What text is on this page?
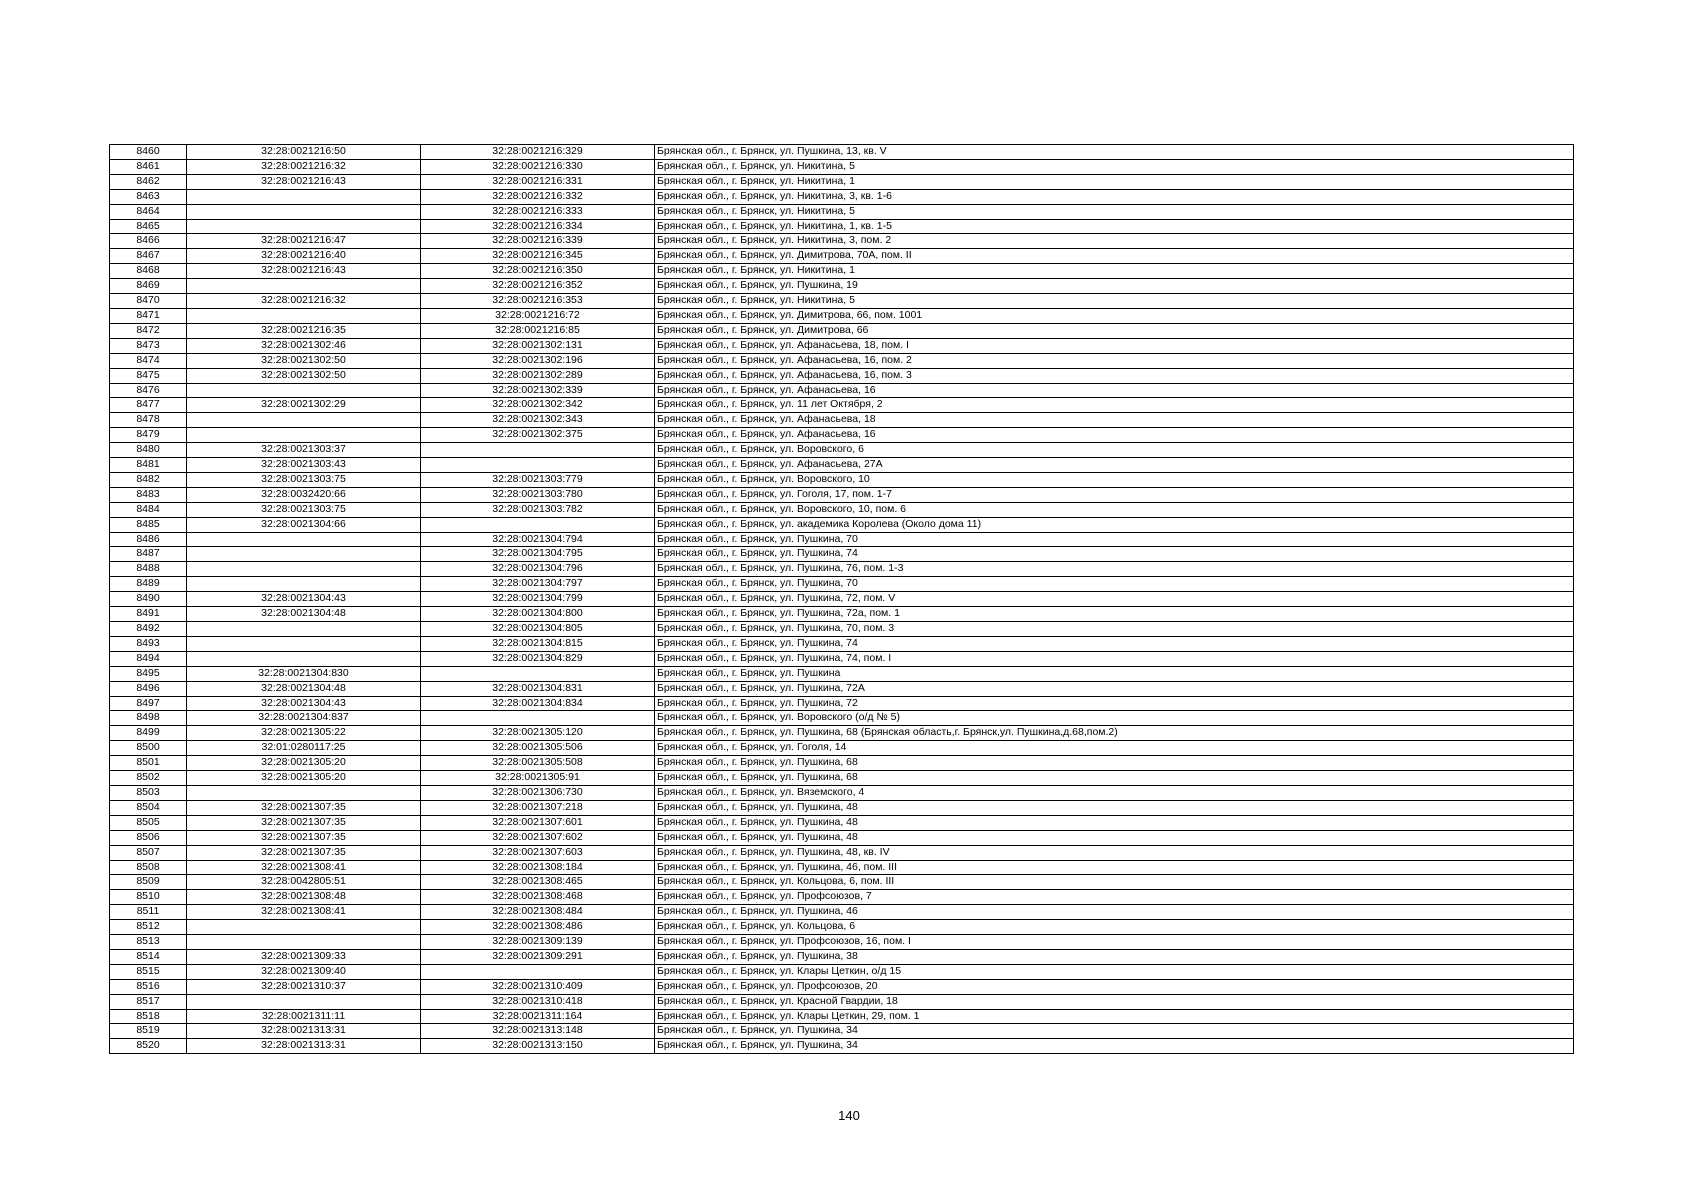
8460	32:28:0021216:50	32:28:0021216:329	Брянская обл., г. Брянск, ул. Пушкина, 13, кв. V
8461	32:28:0021216:32	32:28:0021216:330	Брянская обл., г. Брянск, ул. Никитина, 5
8462	32:28:0021216:43	32:28:0021216:331	Брянская обл., г. Брянск, ул. Никитина, 1
8463		32:28:0021216:332	Брянская обл., г. Брянск, ул. Никитина, 3, кв. 1-6
8464		32:28:0021216:333	Брянская обл., г. Брянск, ул. Никитина, 5
8465		32:28:0021216:334	Брянская обл., г. Брянск, ул. Никитина, 1, кв. 1-5
8466	32:28:0021216:47	32:28:0021216:339	Брянская обл., г. Брянск, ул. Никитина, 3, пом. 2
8467	32:28:0021216:40	32:28:0021216:345	Брянская обл., г. Брянск, ул. Димитрова, 70А, пом. II
8468	32:28:0021216:43	32:28:0021216:350	Брянская обл., г. Брянск, ул. Никитина, 1
8469		32:28:0021216:352	Брянская обл., г. Брянск, ул. Пушкина, 19
8470	32:28:0021216:32	32:28:0021216:353	Брянская обл., г. Брянск, ул. Никитина, 5
8471		32:28:0021216:72	Брянская обл., г. Брянск, ул. Димитрова, 66, пом. 1001
8472	32:28:0021216:35	32:28:0021216:85	Брянская обл., г. Брянск, ул. Димитрова, 66
8473	32:28:0021302:46	32:28:0021302:131	Брянская обл., г. Брянск, ул. Афанасьева, 18, пом. I
8474	32:28:0021302:50	32:28:0021302:196	Брянская обл., г. Брянск, ул. Афанасьева, 16, пом. 2
8475	32:28:0021302:50	32:28:0021302:289	Брянская обл., г. Брянск, ул. Афанасьева, 16, пом. 3
8476		32:28:0021302:339	Брянская обл., г. Брянск, ул. Афанасьева, 16
8477	32:28:0021302:29	32:28:0021302:342	Брянская обл., г. Брянск, ул. 11 лет Октября, 2
8478		32:28:0021302:343	Брянская обл., г. Брянск, ул. Афанасьева, 18
8479		32:28:0021302:375	Брянская обл., г. Брянск, ул. Афанасьева, 16
8480	32:28:0021303:37		Брянская обл., г. Брянск, ул. Воровского, 6
8481	32:28:0021303:43		Брянская обл., г. Брянск, ул. Афанасьева, 27А
8482	32:28:0021303:75	32:28:0021303:779	Брянская обл., г. Брянск, ул. Воровского, 10
8483	32:28:0032420:66	32:28:0021303:780	Брянская обл., г. Брянск, ул. Гоголя, 17, пом. 1-7
8484	32:28:0021303:75	32:28:0021303:782	Брянская обл., г. Брянск, ул. Воровского, 10, пом. 6
8485	32:28:0021304:66		Брянская обл., г. Брянск, ул. академика Королева (Около дома 11)
8486		32:28:0021304:794	Брянская обл., г. Брянск, ул. Пушкина, 70
8487		32:28:0021304:795	Брянская обл., г. Брянск, ул. Пушкина, 74
8488		32:28:0021304:796	Брянская обл., г. Брянск, ул. Пушкина, 76, пом. 1-3
8489		32:28:0021304:797	Брянская обл., г. Брянск, ул. Пушкина, 70
8490	32:28:0021304:43	32:28:0021304:799	Брянская обл., г. Брянск, ул. Пушкина, 72, пом. V
8491	32:28:0021304:48	32:28:0021304:800	Брянская обл., г. Брянск, ул. Пушкина, 72а, пом. 1
8492		32:28:0021304:805	Брянская обл., г. Брянск, ул. Пушкина, 70, пом. 3
8493		32:28:0021304:815	Брянская обл., г. Брянск, ул. Пушкина, 74
8494		32:28:0021304:829	Брянская обл., г. Брянск, ул. Пушкина, 74, пом. I
8495	32:28:0021304:830		Брянская обл., г. Брянск, ул. Пушкина
8496	32:28:0021304:48	32:28:0021304:831	Брянская обл., г. Брянск, ул. Пушкина, 72А
8497	32:28:0021304:43	32:28:0021304:834	Брянская обл., г. Брянск, ул. Пушкина, 72
8498	32:28:0021304:837		Брянская обл., г. Брянск, ул. Воровского (о/д № 5)
8499	32:28:0021305:22	32:28:0021305:120	Брянская обл., г. Брянск, ул. Пушкина, 68 (Брянская область,г. Брянск,ул. Пушкина,д.68,пом.2)
8500	32:01:0280117:25	32:28:0021305:506	Брянская обл., г. Брянск, ул. Гоголя, 14
8501	32:28:0021305:20	32:28:0021305:508	Брянская обл., г. Брянск, ул. Пушкина, 68
8502	32:28:0021305:20	32:28:0021305:91	Брянская обл., г. Брянск, ул. Пушкина, 68
8503		32:28:0021306:730	Брянская обл., г. Брянск, ул. Вяземского, 4
8504	32:28:0021307:35	32:28:0021307:218	Брянская обл., г. Брянск, ул. Пушкина, 48
8505	32:28:0021307:35	32:28:0021307:601	Брянская обл., г. Брянск, ул. Пушкина, 48
8506	32:28:0021307:35	32:28:0021307:602	Брянская обл., г. Брянск, ул. Пушкина, 48
8507	32:28:0021307:35	32:28:0021307:603	Брянская обл., г. Брянск, ул. Пушкина, 48, кв. IV
8508	32:28:0021308:41	32:28:0021308:184	Брянская обл., г. Брянск, ул. Пушкина, 46, пом. III
8509	32:28:0042805:51	32:28:0021308:465	Брянская обл., г. Брянск, ул. Кольцова, 6, пом. III
8510	32:28:0021308:48	32:28:0021308:468	Брянская обл., г. Брянск, ул. Профсоюзов, 7
8511	32:28:0021308:41	32:28:0021308:484	Брянская обл., г. Брянск, ул. Пушкина, 46
8512		32:28:0021308:486	Брянская обл., г. Брянск, ул. Кольцова, 6
8513		32:28:0021309:139	Брянская обл., г. Брянск, ул. Профсоюзов, 16, пом. I
8514	32:28:0021309:33	32:28:0021309:291	Брянская обл., г. Брянск, ул. Пушкина, 38
8515	32:28:0021309:40		Брянская обл., г. Брянск, ул. Клары Цеткин, о/д 15
8516	32:28:0021310:37	32:28:0021310:409	Брянская обл., г. Брянск, ул. Профсоюзов, 20
8517		32:28:0021310:418	Брянская обл., г. Брянск, ул. Красной Гвардии, 18
8518	32:28:0021311:11	32:28:0021311:164	Брянская обл., г. Брянск, ул. Клары Цеткин, 29, пом. 1
8519	32:28:0021313:31	32:28:0021313:148	Брянская обл., г. Брянск, ул. Пушкина, 34
8520	32:28:0021313:31	32:28:0021313:150	Брянская обл., г. Брянск, ул. Пушкина, 34
140
